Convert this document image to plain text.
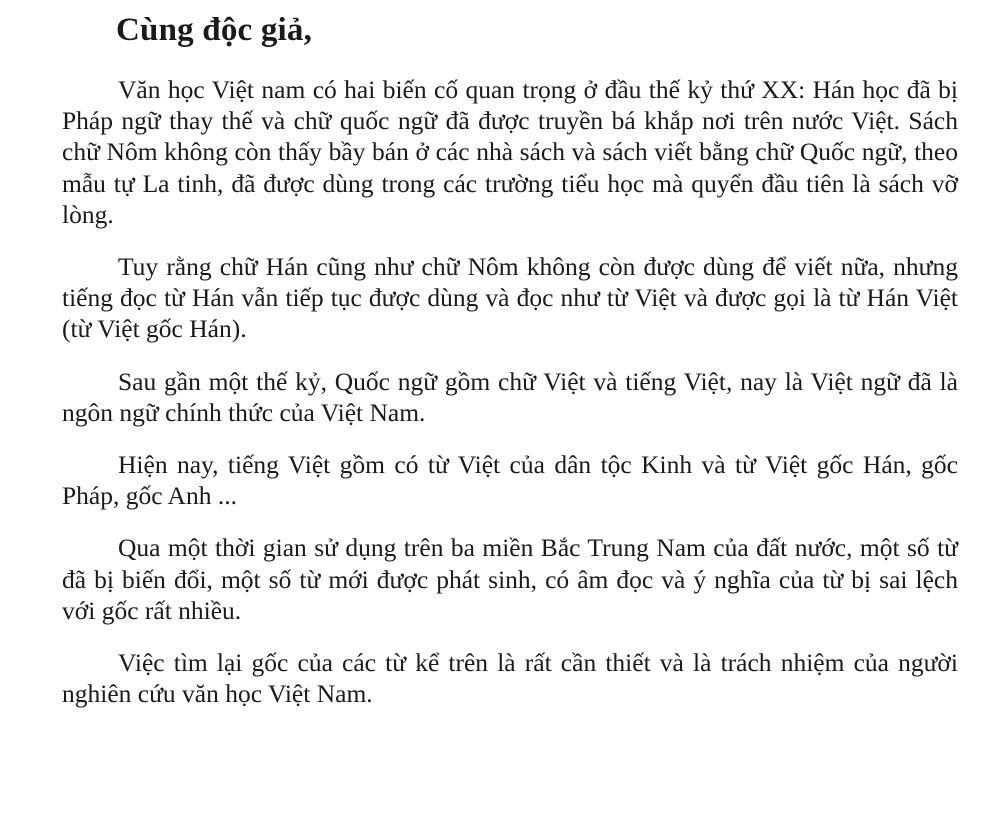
Cùng độc giả,

Văn học Việt nam có hai biến cố quan trọng ở đầu thế kỷ thứ XX: Hán học đã bị Pháp ngữ thay thế và chữ quốc ngữ đã được truyền bá khắp nơi trên nước Việt. Sách chữ Nôm không còn thấy bầy bán ở các nhà sách và sách viết bằng chữ Quốc ngữ, theo mẫu tự La tinh, đã được dùng trong các trường tiểu học mà quyển đầu tiên là sách vỡ lòng.

Tuy rằng chữ Hán cũng như chữ Nôm không còn được dùng để viết nữa, nhưng tiếng đọc từ Hán vẫn tiếp tục được dùng và đọc như từ Việt và được gọi là từ Hán Việt (từ Việt gốc Hán).

Sau gần một thế kỷ, Quốc ngữ gồm chữ Việt và tiếng Việt, nay là Việt ngữ đã là ngôn ngữ chính thức của Việt Nam.

Hiện nay, tiếng Việt gồm có từ Việt của dân tộc Kinh và từ Việt gốc Hán, gốc Pháp, gốc Anh ...

Qua một thời gian sử dụng trên ba miền Bắc Trung Nam của đất nước, một số từ đã bị biến đổi, một số từ mới được phát sinh, có âm đọc và ý nghĩa của từ bị sai lệch với gốc rất nhiều.

Việc tìm lại gốc của các từ kể trên là rất cần thiết và là trách nhiệm của người nghiên cứu văn học Việt Nam.
